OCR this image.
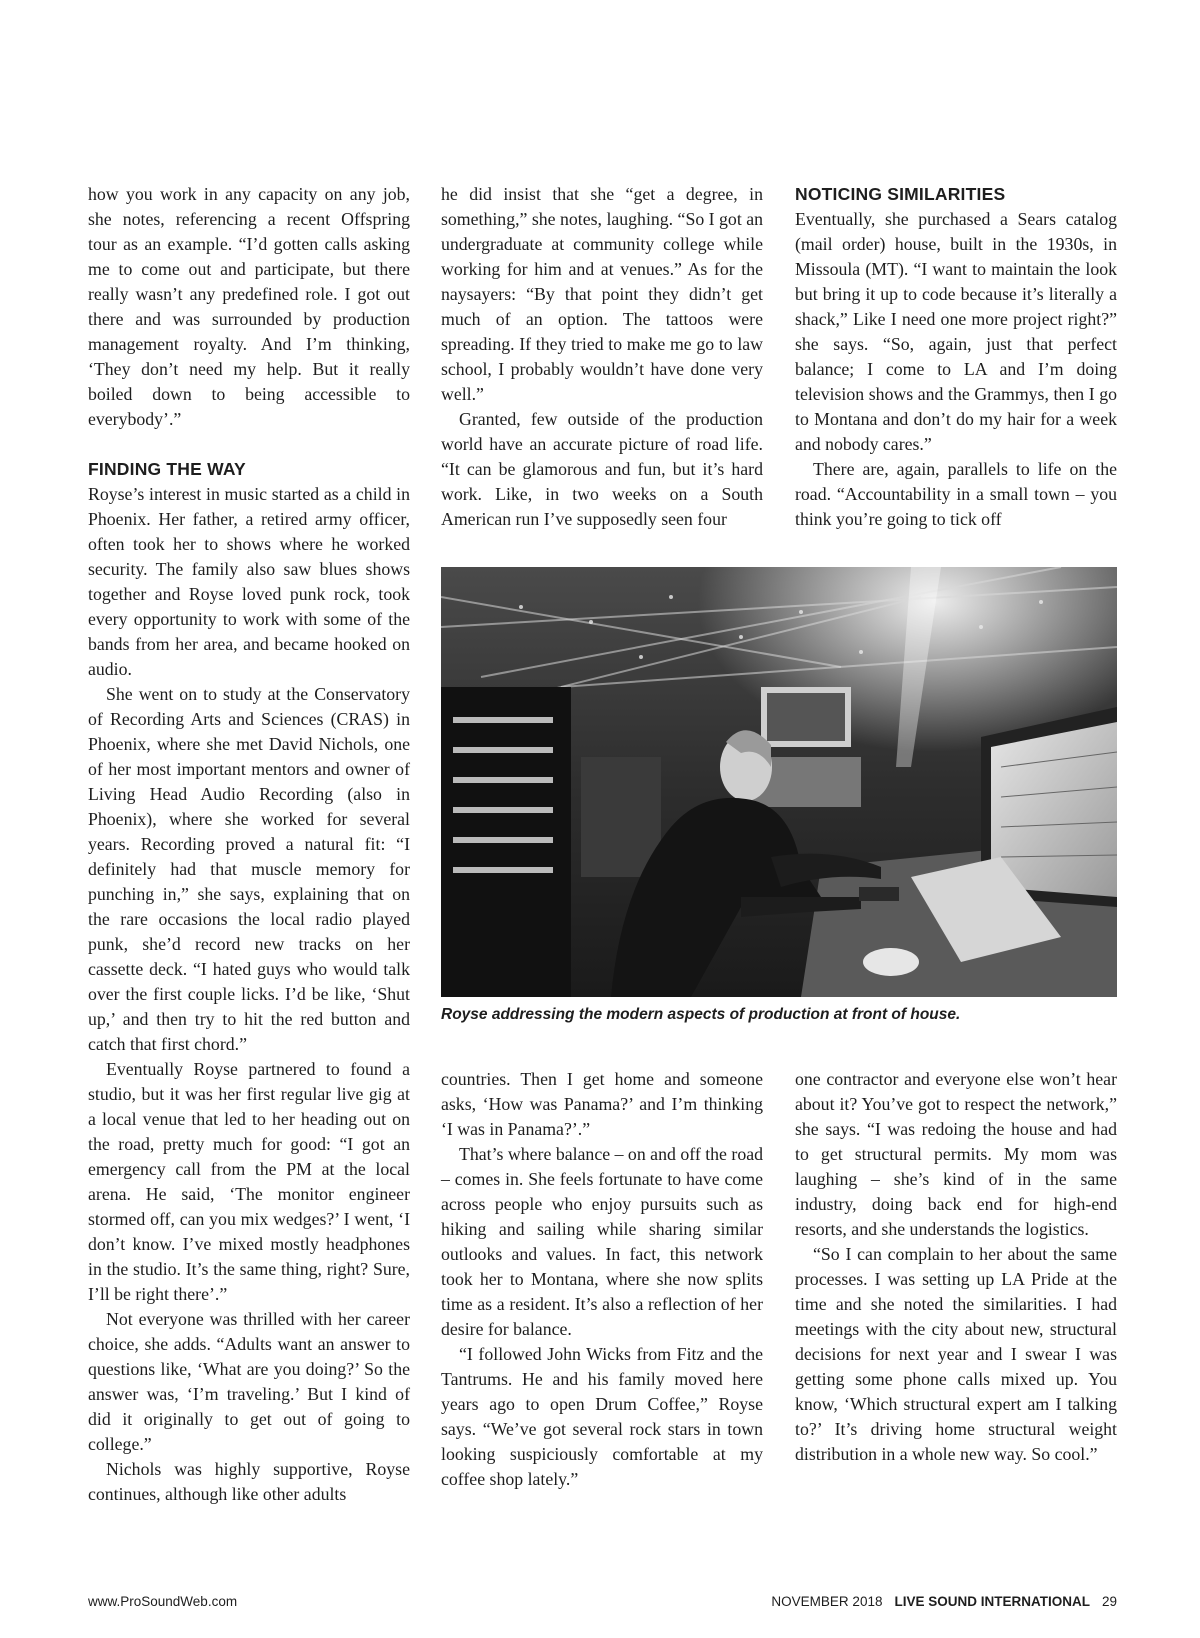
how you work in any capacity on any job, she notes, referencing a recent Offspring tour as an example. “I’d gotten calls asking me to come out and participate, but there really wasn’t any predefined role. I got out there and was surrounded by production management royalty. And I’m thinking, ‘They don’t need my help. But it really boiled down to being accessible to everybody’.”

FINDING THE WAY

Royse’s interest in music started as a child in Phoenix. Her father, a retired army officer, often took her to shows where he worked security. The family also saw blues shows together and Royse loved punk rock, took every opportunity to work with some of the bands from her area, and became hooked on audio.

She went on to study at the Conservatory of Recording Arts and Sciences (CRAS) in Phoenix, where she met David Nichols, one of her most important mentors and owner of Living Head Audio Recording (also in Phoenix), where she worked for several years. Recording proved a natural fit: “I definitely had that muscle memory for punching in,” she says, explaining that on the rare occasions the local radio played punk, she’d record new tracks on her cassette deck. “I hated guys who would talk over the first couple licks. I’d be like, ‘Shut up,’ and then try to hit the red button and catch that first chord.”

Eventually Royse partnered to found a studio, but it was her first regular live gig at a local venue that led to her heading out on the road, pretty much for good: “I got an emergency call from the PM at the local arena. He said, ‘The monitor engineer stormed off, can you mix wedges?’ I went, ‘I don’t know. I’ve mixed mostly headphones in the studio. It’s the same thing, right? Sure, I’ll be right there’.”

Not everyone was thrilled with her career choice, she adds. “Adults want an answer to questions like, ‘What are you doing?’ So the answer was, ‘I’m traveling.’ But I kind of did it originally to get out of going to college.”

Nichols was highly supportive, Royse continues, although like other adults

he did insist that she “get a degree, in something,” she notes, laughing. “So I got an undergraduate at community college while working for him and at venues.” As for the naysayers: “By that point they didn’t get much of an option. The tattoos were spreading. If they tried to make me go to law school, I probably wouldn’t have done very well.”

Granted, few outside of the production world have an accurate picture of road life. “It can be glamorous and fun, but it’s hard work. Like, in two weeks on a South American run I’ve supposedly seen four

NOTICING SIMILARITIES

Eventually, she purchased a Sears catalog (mail order) house, built in the 1930s, in Missoula (MT). “I want to maintain the look but bring it up to code because it’s literally a shack,” Like I need one more project right?” she says. “So, again, just that perfect balance; I come to LA and I’m doing television shows and the Grammys, then I go to Montana and don’t do my hair for a week and nobody cares.”

There are, again, parallels to life on the road. “Accountability in a small town – you think you’re going to tick off

Royse addressing the modern aspects of production at front of house.

countries. Then I get home and someone asks, ‘How was Panama?’ and I’m thinking ‘I was in Panama?’.”

That’s where balance – on and off the road – comes in. She feels fortunate to have come across people who enjoy pursuits such as hiking and sailing while sharing similar outlooks and values. In fact, this network took her to Montana, where she now splits time as a resident. It’s also a reflection of her desire for balance.

“I followed John Wicks from Fitz and the Tantrums. He and his family moved here years ago to open Drum Coffee,” Royse says. “We’ve got several rock stars in town looking suspiciously comfortable at my coffee shop lately.”

one contractor and everyone else won’t hear about it? You’ve got to respect the network,” she says. “I was redoing the house and had to get structural permits. My mom was laughing – she’s kind of in the same industry, doing back end for high-end resorts, and she understands the logistics.

“So I can complain to her about the same processes. I was setting up LA Pride at the time and she noted the similarities. I had meetings with the city about new, structural decisions for next year and I swear I was getting some phone calls mixed up. You know, ‘Which structural expert am I talking to?’ It’s driving home structural weight distribution in a whole new way. So cool.”

www.ProSoundWeb.com	NOVEMBER 2018 LIVE SOUND INTERNATIONAL 29
